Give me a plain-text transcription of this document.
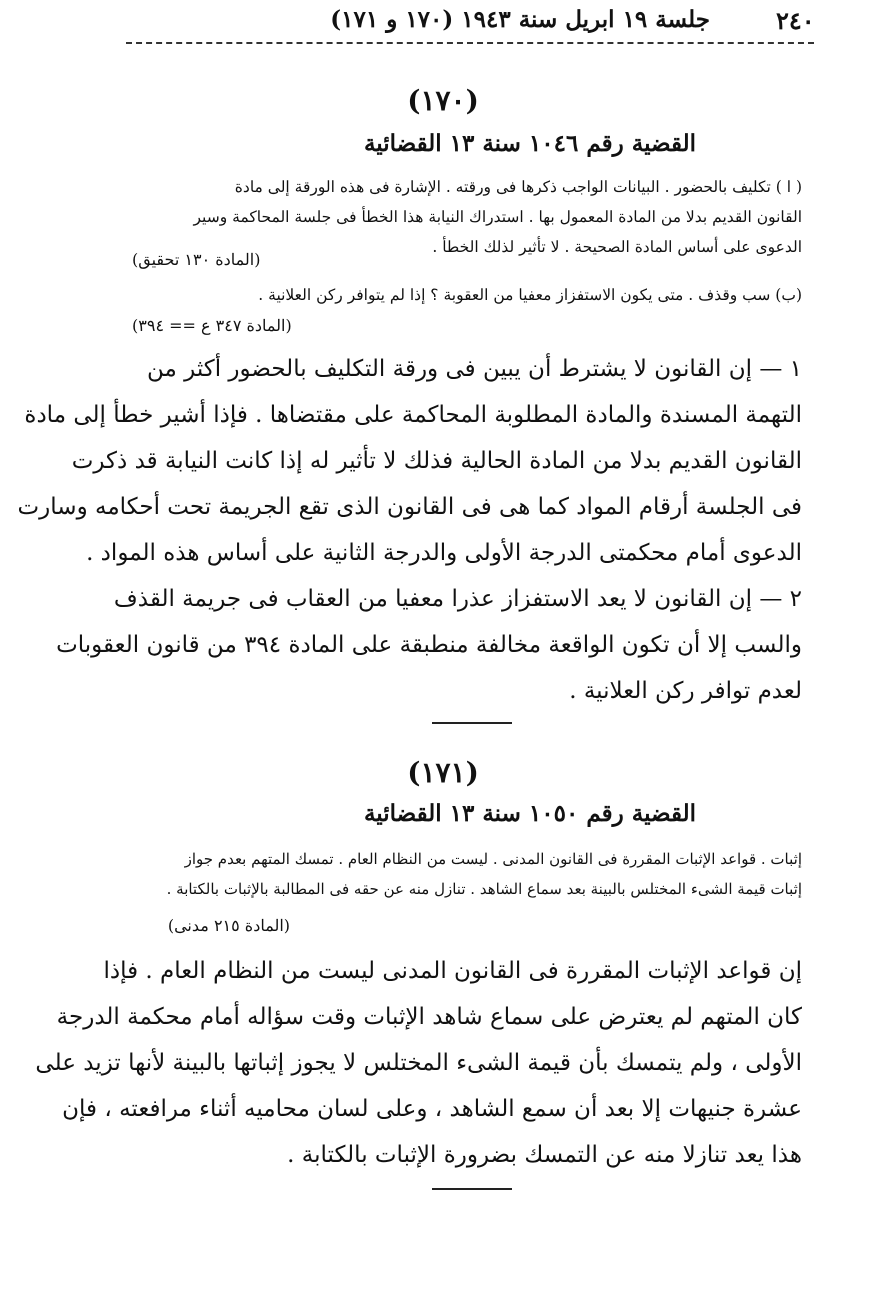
٢٤٠
جلسة ١٩ ابريل سنة ١٩٤٣ (١٧٠ و ١٧١)
(١٧٠)
القضية رقم ١٠٤٦ سنة ١٣ القضائية

( ا ) تكليف بالحضور . البيانات الواجب ذكرها فى ورقته . الإشارة فى هذه الورقة إلى مادة

القانون القديم بدلا من المادة المعمول بها . استدراك النيابة هذا الخطأ فى جلسة المحاكمة وسير

الدعوى على أساس المادة الصحيحة . لا تأثير لذلك الخطأ .

(المادة ١٣٠ تحقيق)

(ب) سب وقذف . متى يكون الاستفزاز معفيا من العقوبة ؟ إذا لم يتوافر ركن العلانية .

(المادة ٣٤٧ ع == ٣٩٤)

١ — إن القانون لا يشترط أن يبين فى ورقة التكليف بالحضور أكثر من

التهمة المسندة والمادة المطلوبة المحاكمة على مقتضاها . فإذا أشير خطأ إلى مادة

القانون القديم بدلا من المادة الحالية فذلك لا تأثير له إذا كانت النيابة قد ذكرت

فى الجلسة أرقام المواد كما هى فى القانون الذى تقع الجريمة تحت أحكامه وسارت

الدعوى أمام محكمتى الدرجة الأولى والدرجة الثانية على أساس هذه المواد .

٢ — إن القانون لا يعد الاستفزاز عذرا معفيا من العقاب فى جريمة القذف

والسب إلا أن تكون الواقعة مخالفة منطبقة على المادة ٣٩٤ من قانون العقوبات

لعدم توافر ركن العلانية .

(١٧١)
القضية رقم ١٠٥٠ سنة ١٣ القضائية

إثبات . قواعد الإثبات المقررة فى القانون المدنى . ليست من النظام العام . تمسك المتهم بعدم جواز

إثبات قيمة الشىء المختلس بالبينة بعد سماع الشاهد . تنازل منه عن حقه فى المطالبة بالإثبات بالكتابة .

(المادة ٢١٥ مدنى)

إن قواعد الإثبات المقررة فى القانون المدنى ليست من النظام العام . فإذا

كان المتهم لم يعترض على سماع شاهد الإثبات وقت سؤاله أمام محكمة الدرجة

الأولى ، ولم يتمسك بأن قيمة الشىء المختلس لا يجوز إثباتها بالبينة لأنها تزيد على

عشرة جنيهات إلا بعد أن سمع الشاهد ، وعلى لسان محاميه أثناء مرافعته ، فإن

هذا يعد تنازلا منه عن التمسك بضرورة الإثبات بالكتابة .
